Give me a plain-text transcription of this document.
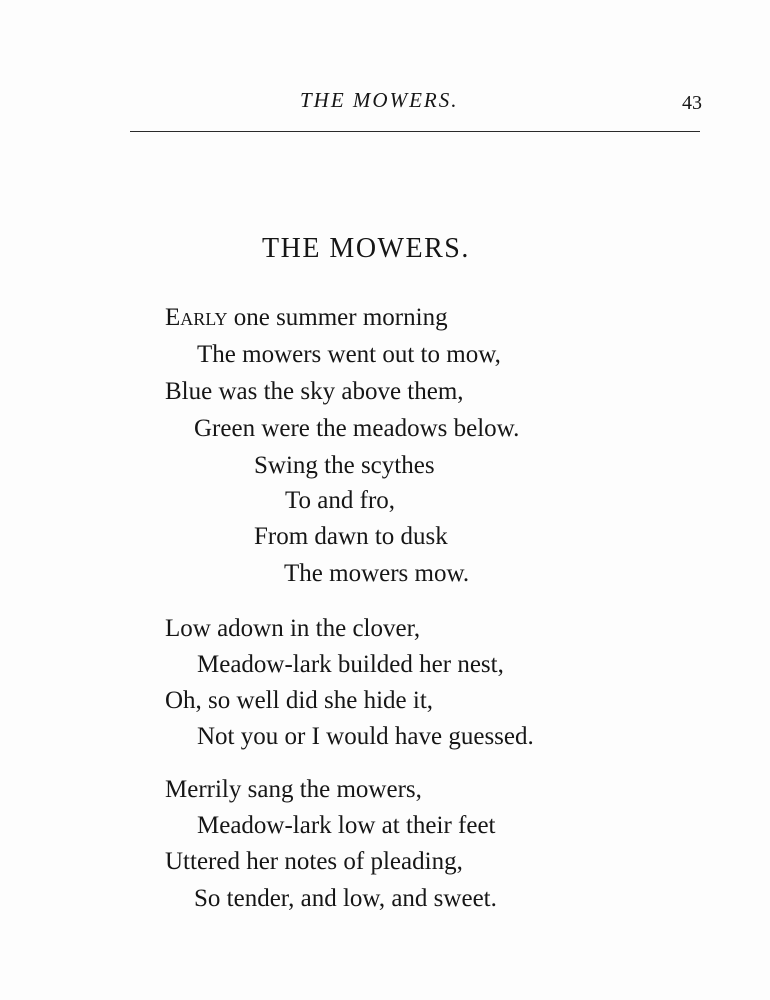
THE MOWERS.	43
THE MOWERS.
Early one summer morning
The mowers went out to mow,
Blue was the sky above them,
Green were the meadows below.
Swing the scythes
To and fro,
From dawn to dusk
The mowers mow.
Low adown in the clover,
Meadow-lark builded her nest,
Oh, so well did she hide it,
Not you or I would have guessed.
Merrily sang the mowers,
Meadow-lark low at their feet
Uttered her notes of pleading,
So tender, and low, and sweet.
